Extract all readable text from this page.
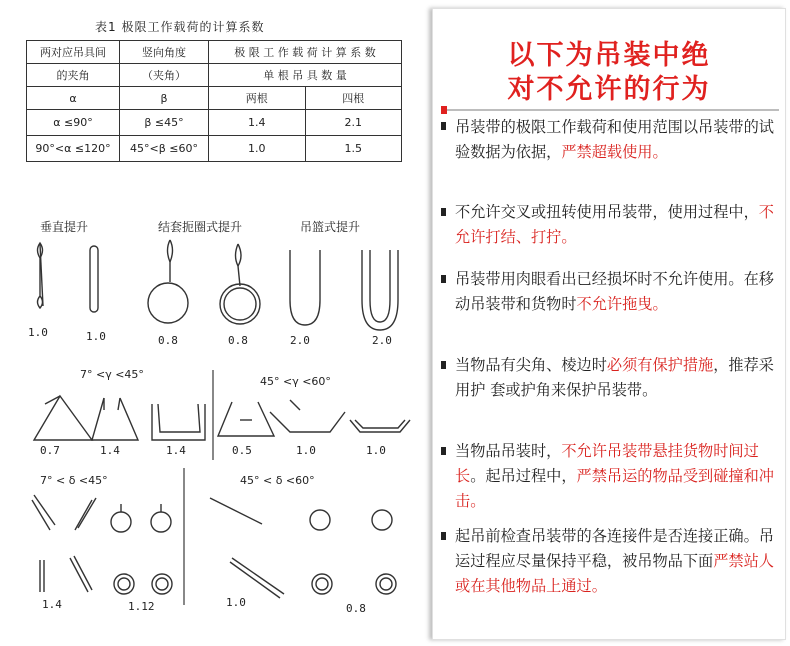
表1 极限工作载荷的计算系数
两对应吊具间	竖向角度	极 限 工 作 载 荷 计 算 系 数	
的夹角	（夹角）	单 根 吊 具 数 量	
α	β	两根	四根
α ≤90°	β ≤45°	1.4	2.1
90°<α ≤120°	45°<β ≤60°	1.0	1.5
垂直提升	结套扼圈式提升	吊篮式提升
1.0	1.0	0.8	0.8	2.0	2.0
7° <γ <45°
45° <γ <60°
0.7	1.4	1.4	0.5	1.0	1.0
7° < δ <45°	45° < δ <60°
1.4	1.12	1.0	0.8
以下为吊装中绝
对不允许的行为
吊装带的极限工作载荷和使用范围以吊装带的试验数据为依据，严禁超载使用。
不允许交叉或扭转使用吊装带，使用过程中，不允许打结、打拧。
吊装带用肉眼看出已经损坏时不允许使用。在移动吊装带和货物时不允许拖曳。
当物品有尖角、棱边时必须有保护措施，推荐采用护 套或护角来保护吊装带。
当物品吊装时，不允许吊装带悬挂货物时间过长。起吊过程中，严禁吊运的物品受到碰撞和冲击。
起吊前检查吊装带的各连接件是否连接正确。吊运过程应尽量保持平稳，被吊物品下面严禁站人或在其他物品上通过。
